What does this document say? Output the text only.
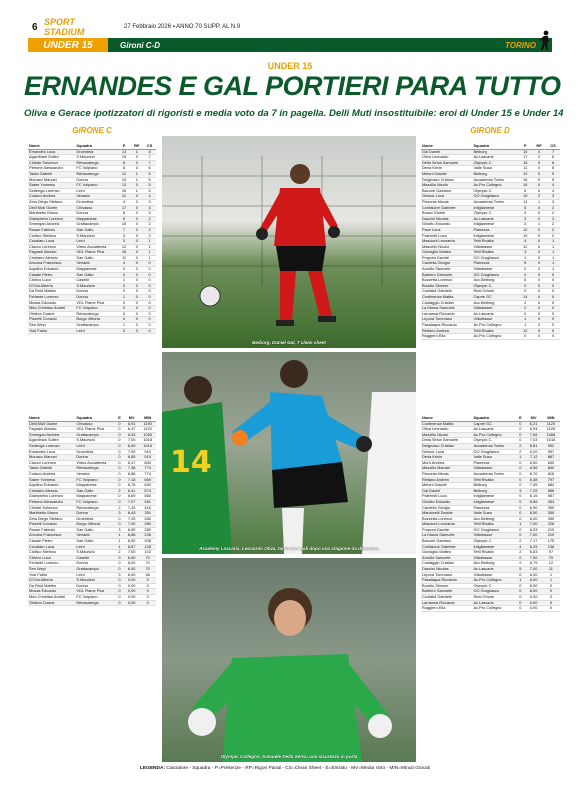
6 SPORT STADIUM	27 Febbraio 2026 ▪ ANNO 70 SUPP. AL N.9
UNDER 15	Gironi C-D	TORINO
UNDER 15
ERNANDES E GAL PORTIERI PARA TUTTO
Oliva e Gerace ipotizzatori di rigoristi e media voto da 7 in pagella. Delli Muti insostituibile: eroi di Under 15 e Under 14
GIRONE C	GIRONE D
Nome	Squadra	P	RP	CS
Ernandes Luca	Druentina	13	1	8
Agavilhani Sollen	S.Maurizio	15	0	7
Chiride Solomon	Rebaudengo	8	0	7
Petrone Alessandro	FC Volpiano	8	0	6
Tauta Gabriel	Rebaudengo	12	1	6
Monaco Manuel	Dorina	13	1	5
Saber Yonness	FC Volpiano	13	0	5
Sedenga Lorenzo	Leinì	16	1	5
Colacci Andrea	Venaria	12	0	4
Zeta Diego Stefano	Druentina	4	0	3
Delli Muti Gioele	Chivasso	17	0	3
Martinetto Marco	Dorina	8	0	3
Giampietro Lorenzo	Mappanese	8	0	2
Smeegan Andrea	Grattacampo	15	0	2
Rosan Fabrizio	San Gallo	7	0	2
Civitico Stefano	S.Maurizio	3	0	2
Cocalaru Luca	Leinì	3	0	1
Ciacco Lorenzo	Virtus Accademia	12	0	1
Fagnani Alessio	VDL Flame Plus	16	0	1
Cristiano Alessio	San Gallo	11	0	1
Ancona Francesco	Venaria	4	0	0
Aquilino Edoardo	Mappanese	9	0	0
Casale Pietro	San Gallo	4	0	0
Chieco Luca	Caselle	1	0	0
D'Orsi Alberto	S.Maurizio	0	0	0
Da Reid Matteo	Dorina	0	0	0
Ferlante Lorenzo	Dorina	1	0	0
Mussa Edoardo	VDL Flame Plus	0	0	0
Mira Christian Andrei	FC Volpiano	0	0	0
Orlabor Duane	Rebaudengo	0	0	0
Pizzetti Corrado	Borgo Vittoria	4	0	0
Sen Weyi	Grattacampo	1	0	0
Yosi Fabio	Leinì	3	0	0
Nome	Squadra	E	MV	MIN
Delli Muti Gioele	Chivasso	0	6,91	1190
Fagnani Alessio	VDL Flame Plus	0	6,47	1120
Smeegan Andrea	Grattacampo	0	6,53	1050
Agavilhani Sollen	S.Maurizio	0	7,00	1018
Sedenga Lorenzo	Leinì	0	6,59	1016
Ernandes Luca	Druentina	0	7,00	910
Monaco Manuel	Dorina	0	6,85	910
Ciacco Lorenzo	Virtus Accademia	0	6,47	840
Tauta Gabriel	Rebaudengo	0	7,38	774
Colacci Andrea	Venaria	0	6,88	774
Saber Yonness	FC Volpiano	0	7,18	669
Aquilino Edoardo	Mappanese	0	6,78	630
Cristiano Alessio	San Gallo	2	6,41	574
Giampietro Lorenzo	Mappanese	0	6,69	560
Petrone Alessandro	FC Volpiano	0	7,07	451
Chiride Solomon	Rebaudengo	2	7,43	416
Martinetto Marco	Dorina	3	6,43	351
Zeta Diego Stefano	Druentina	0	7,25	280
Pizzetti Corrado	Borgo Vittoria	0	7,00	280
Rosan Fabrizio	San Gallo	3	6,50	280
Ancona Francesco	Venaria	1	6,88	226
Casale Pietro	San Gallo	1	6,50	208
Cocalaru Luca	Leinì	1	6,67	128
Civitico Stefano	S.Maurizio	2	7,00	102
Chieco Luca	Caselle	0	6,50	70
Ferlante Lorenzo	Dorina	0	6,00	70
Sen Weyi	Grattacampo	0	6,50	70
Yosi Fabio	Leinì	3	6,00	46
D'Orsi Alberto	S.Maurizio	0	0,00	0
Da Reid Matteo	Dorina	0	0,00	0
Mussa Edoardo	VDL Flame Plus	0	0,00	0
Mira Christian Andrei	FC Volpiano	0	0,00	0
Orlabor Duane	Rebaudengo	0	0,00	0
Nome	Squadra	P	RP	CS
Gal Daniel	Beiborg	10	0	7
Oliva Leonardo	Ac.Lascaris	17	2	6
Della Selva Samuele	Olympic C.	15	0	6
Derla Kevin	Valle Susa	11	0	6
Meloni Davide	Beiborg	10	0	5
Delgrosso Cristian	Accademia Torino	16	0	5
Mazzillo Nicolò	Ac.Pro Collegno	16	0	4
Bacone Gaetano	Olympic C.	6	0	4
Gessor Luca	GO Grugliasco	15	2	3
Pizzonia Nicola	Accademia Torino	11	1	3
Confalone Gabriele	Intigliamese	5	0	2
Busso Gioele	Olympic C.	3	0	2
Dazzini Nicolas	Ac.Lascaris	3	0	2
Ginotto Edoardo	Intigliamese	2	1	2
Pace Luca	Pianezza	12	0	2
Palermiti Luca	Intigliamese	10	0	2
Mascioni Leonardo	Tetti Rivalta	4	0	1
Mascello Nicolò	Villarbasse	12	0	1
Giorsiglio Matteo	Tetti Rivalta	3	0	1
Purpura Davide	GO Grugliasco	1	0	1
Cardella Giorgio	Pianezza	5	0	1
Amolfo Samuele	Villarbasse	0	0	1
Barbero Samuele	GO Grugliasco	0	0	0
Bozzetta Lorenzo	Acc.Beiborg	5	0	0
Brustio Simone	Olympic C.	0	0	0
Contaldi Gabriele	Real Orione	0	0	0
Continenza Mattia	Caprie GC	14	0	0
Costaggiu Cristian	Acc.Beiborg	2	0	0
La Marca Samuele	Villarbasse	2	0	0
Lamanna Riccardo	Ac.Lascaris	0	0	0
Lepora Tommaso	Villarbasse	1	0	0
Pasalaqua Riccardo	Ac.Pro Collegno	1	0	0
Reitano Andrea	Tetti Rivalta	12	0	0
Ruggiero Elia	Ac.Pro Collegno	0	0	0
Nome	Squadra	E	MV	MIN
Continenza Mattia	Caprie GC	0	6,21	1120
Oliva Leonardo	Ac.Lascaris	0	6,94	1109
Mazzillo Nicolò	Ac.Pro Collegno	0	7,06	1068
Della Selva Samuele	Olympic C.	0	7,03	1015
Delgrosso Cristian	Accademia Torino	2	6,81	992
Gessor Luca	GO Grugliasco	2	6,20	957
Derla Kevin	Valle Susa	1	7,12	867
Muro Andrea	Pianezza	0	6,50	840
Mazzillo Manuel	Villarbasse	0	6,56	840
Pizzonia Nicola	Accademia Torino	0	6,70	816
Reitano Andrea	Tetti Rivalta	0	6,38	797
Meloni Davide	Beiborg	0	7,45	684
Gal Daniel	Beiborg	3	7,25	586
Palermiti Luca	Intigliamese	0	6,15	567
Ginotto Edoardo	Intigliamese	0	6,56	454
Cardella Giorgio	Pianezza	0	6,90	350
Mantovelli Davide	Valle Susa	0	6,50	350
Bozzetta Lorenzo	Acc.Beiborg	0	6,00	350
Mascioni Leonardo	Tetti Rivalta	1	7,00	226
Purpura Davide	GO Grugliasco	0	6,33	210
La Marca Samuele	Villarbasse	0	7,00	210
Bacone Gaetano	Olympic C.	2	7,17	175
Confalone Gabriele	Intigliamese	4	6,25	138
Giorsiglio Matteo	Tetti Rivalta	2	6,83	97
Amolfo Samuele	Villarbasse	0	7,00	70
Costaggiu Cristian	Acc.Beiborg	2	6,75	12
Dazzini Nicolas	Ac.Lascaris	5	7,00	11
Lepora Tommaso	Villarbasse	0	6,00	1
Pasalaqua Riccardo	Ac.Pro Collegno	1	6,00	1
Brustio Simone	Olympic C.	0	6,00	0
Barbero Samuele	GO Grugliasco	0	6,00	0
Contaldi Gabriele	Real Orione	0	0,00	0
Lamanna Riccardo	Ac.Lascaris	0	0,00	0
Ruggiero Elia	Ac.Pro Collegno	0	0,00	0
Beiborg, Daniel Gal, 7 clean sheet
14
Academy Lascaris, Leonardo Oliva, tanto tra i pali dopo una stagione da difensore
Olympic Collegno, Samuele Della Selva, una sicurezza in porta
LEGENDA: Calciatore - Squadra - P=Presenze - RP=Rigori Parati - CS=Clean Sheet - E=Entrato - MV=Media Voto - MIN=Minuti Giocati
